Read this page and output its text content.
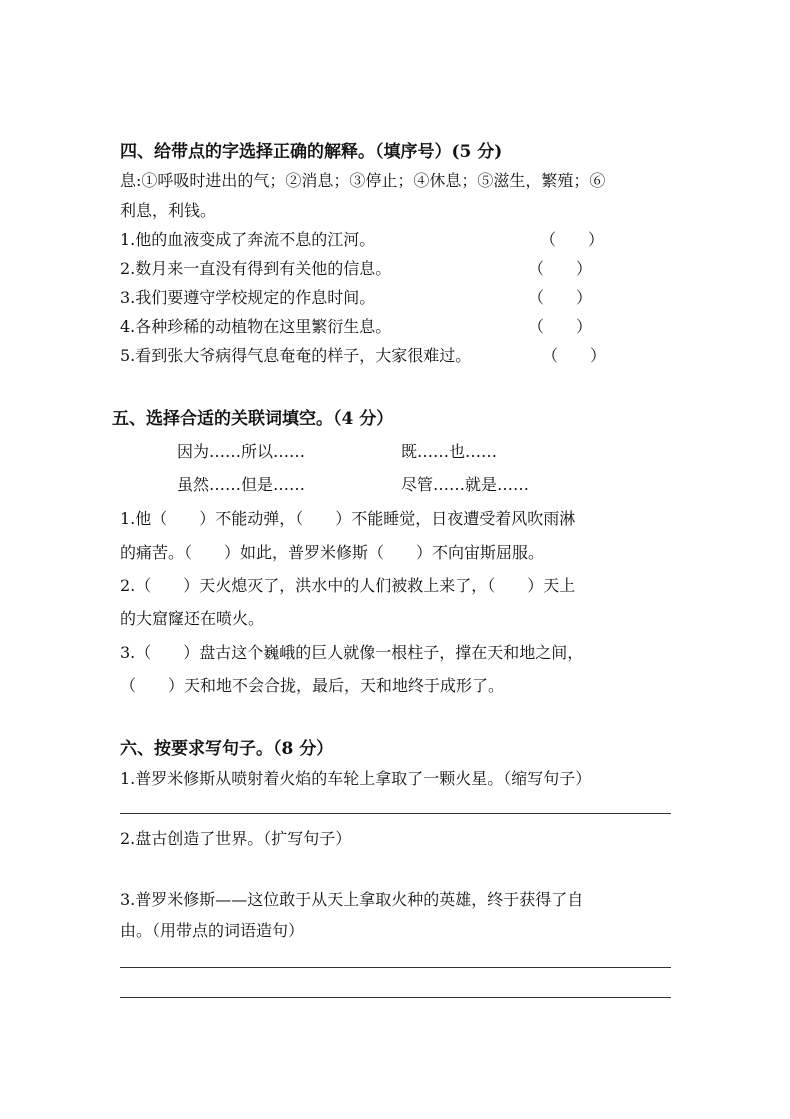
四、给带点的字选择正确的解释。（填序号）(5 分)
息:①呼吸时进出的气；②消息；③停止；④休息；⑤滋生，繁殖；⑥
利息，利钱。
1.他的血液变成了奔流不息的江河。	（　　）
2.数月来一直没有得到有关他的信息。	（　　）
3.我们要遵守学校规定的作息时间。	（　　）
4.各种珍稀的动植物在这里繁衍生息。	（　　）
5.看到张大爷病得气息奄奄的样子，大家很难过。	（　　）
五、选择合适的关联词填空。（4 分）
因为……所以……	既……也……
虽然……但是……	尽管……就是……
1.他（　　）不能动弹，（　　）不能睡觉，日夜遭受着风吹雨淋
的痛苦。（　　）如此，普罗米修斯（　　）不向宙斯屈服。
2.（　　）天火熄灭了，洪水中的人们被救上来了，（　　）天上
的大窟窿还在喷火。
3.（　　）盘古这个巍峨的巨人就像一根柱子，撑在天和地之间，
（　　）天和地不会合拢，最后，天和地终于成形了。
六、按要求写句子。（8 分）
1.普罗米修斯从喷射着火焰的车轮上拿取了一颗火星。（缩写句子）
2.盘古创造了世界。（扩写句子）
3.普罗米修斯——这位敢于从天上拿取火种的英雄，终于获得了自
由。（用带点的词语造句）
